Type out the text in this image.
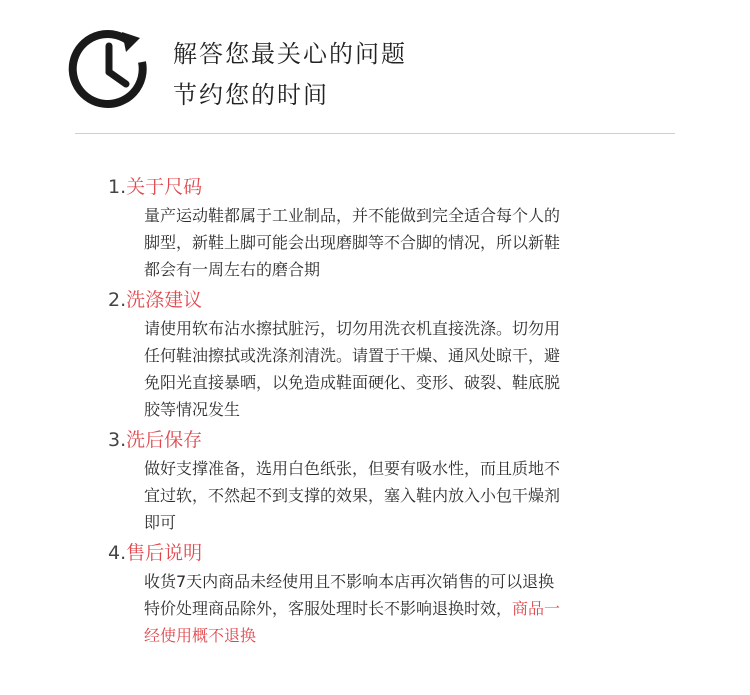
解答您最关心的问题
节约您的时间
1.关于尺码
量产运动鞋都属于工业制品，并不能做到完全适合每个人的
脚型，新鞋上脚可能会出现磨脚等不合脚的情况，所以新鞋
都会有一周左右的磨合期
2.洗涤建议
请使用软布沾水擦拭脏污，切勿用洗衣机直接洗涤。切勿用
任何鞋油擦拭或洗涤剂清洗。请置于干燥、通风处晾干，避
免阳光直接暴晒，以免造成鞋面硬化、变形、破裂、鞋底脱
胶等情况发生
3.洗后保存
做好支撑准备，选用白色纸张，但要有吸水性，而且质地不
宜过软，不然起不到支撑的效果，塞入鞋内放入小包干燥剂
即可
4.售后说明
收货7天内商品未经使用且不影响本店再次销售的可以退换
特价处理商品除外，客服处理时长不影响退换时效，商品一
经使用概不退换
